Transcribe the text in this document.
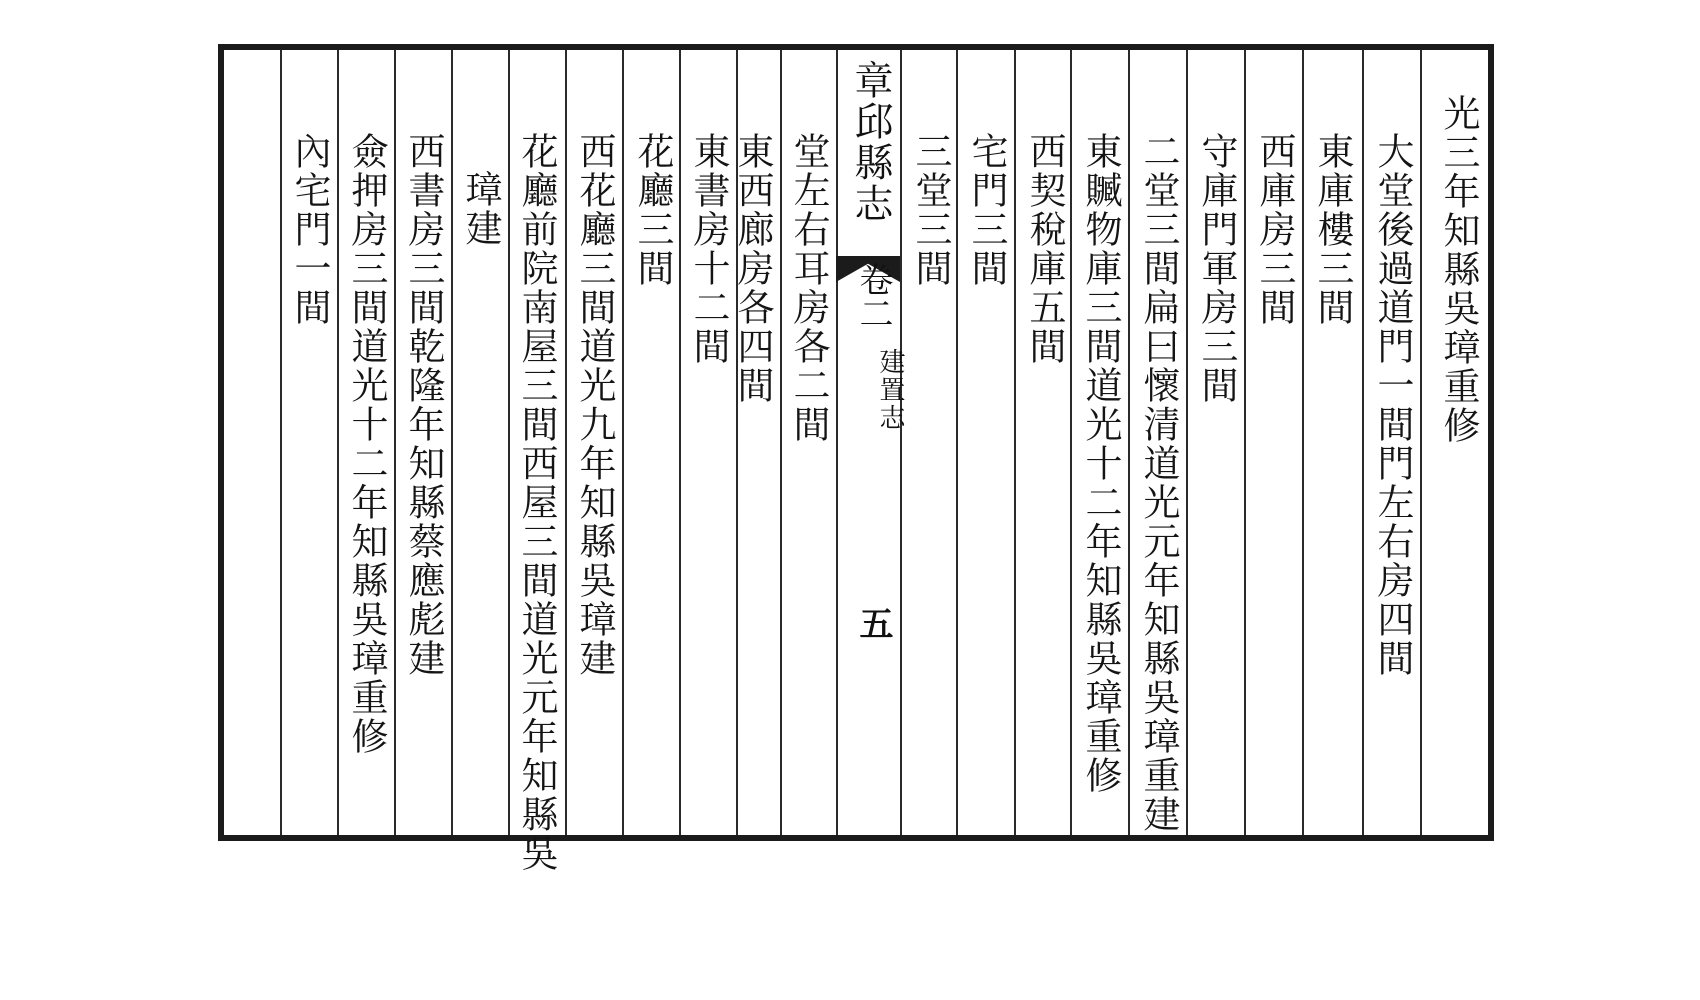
章邱縣志
卷二
建置志
五
光三年知縣吳璋重修
大堂後過道門一間門左右房四間
東庫樓三間
西庫房三間
守庫門軍房三間
二堂三間扁曰懷清道光元年知縣吳璋重建
東贓物庫三間道光十二年知縣吳璋重修
西契稅庫五間
宅門三間
三堂三間
堂左右耳房各二間
東西廊房各四間
東書房十二間
花廳三間
西花廳三間道光九年知縣吳璋建
花廳前院南屋三間西屋三間道光元年知縣吳
璋建
西書房三間乾隆年知縣蔡應彪建
僉押房三間道光十二年知縣吳璋重修
內宅門一間
